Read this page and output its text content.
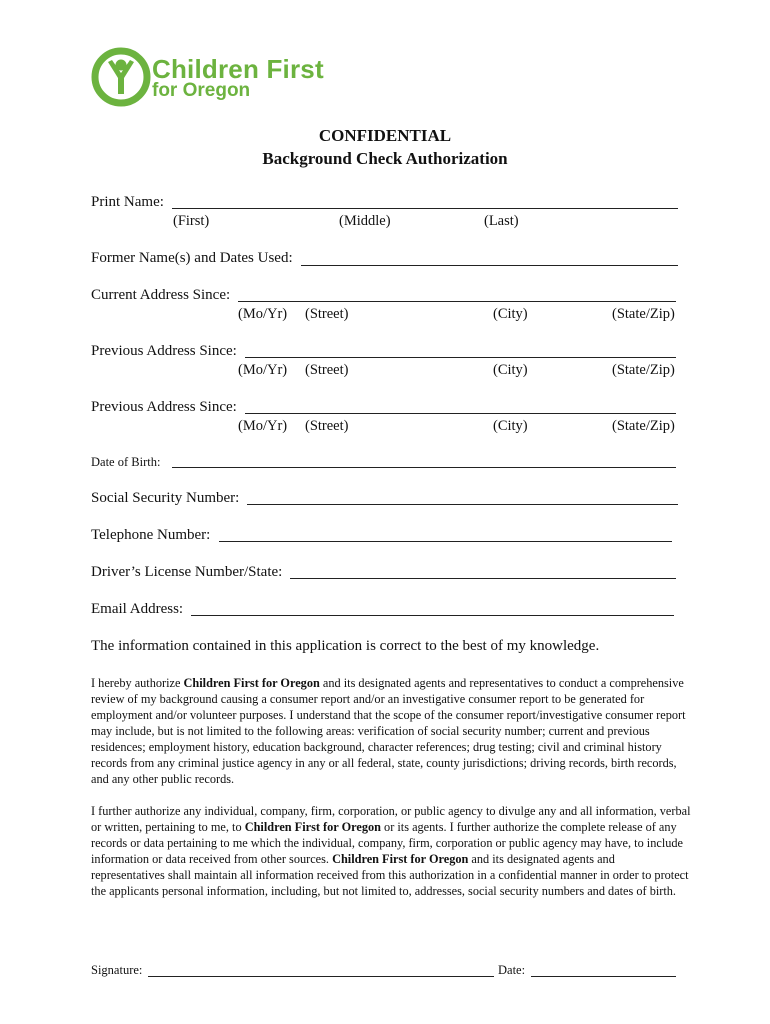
Children First
for Oregon
CONFIDENTIAL
Background Check Authorization
Print Name:
(First)	(Middle)	(Last)
Former Name(s) and Dates Used:
Current Address Since:
(Mo/Yr) (Street)	(City)	(State/Zip)
Previous Address Since:
(Mo/Yr) (Street)	(City)	(State/Zip)
Previous Address Since:
(Mo/Yr) (Street)	(City)	(State/Zip)
Date of Birth:
Social Security Number:
Telephone Number:
Driver’s License Number/State:
Email Address:
The information contained in this application is correct to the best of my knowledge.
I hereby authorize Children First for Oregon and its designated agents and representatives to conduct a comprehensive review of my background causing a consumer report and/or an investigative consumer report to be generated for employment and/or volunteer purposes. I understand that the scope of the consumer report/investigative consumer report may include, but is not limited to the following areas: verification of social security number; current and previous residences; employment history, education background, character references; drug testing; civil and criminal history records from any criminal justice agency in any or all federal, state, county jurisdictions; driving records, birth records, and any other public records.
I further authorize any individual, company, firm, corporation, or public agency to divulge any and all information, verbal or written, pertaining to me, to Children First for Oregon or its agents. I further authorize the complete release of any records or data pertaining to me which the individual, company, firm, corporation or public agency may have, to include information or data received from other sources. Children First for Oregon and its designated agents and representatives shall maintain all information received from this authorization in a confidential manner in order to protect the applicants personal information, including, but not limited to, addresses, social security numbers and dates of birth.
Signature:	Date:
